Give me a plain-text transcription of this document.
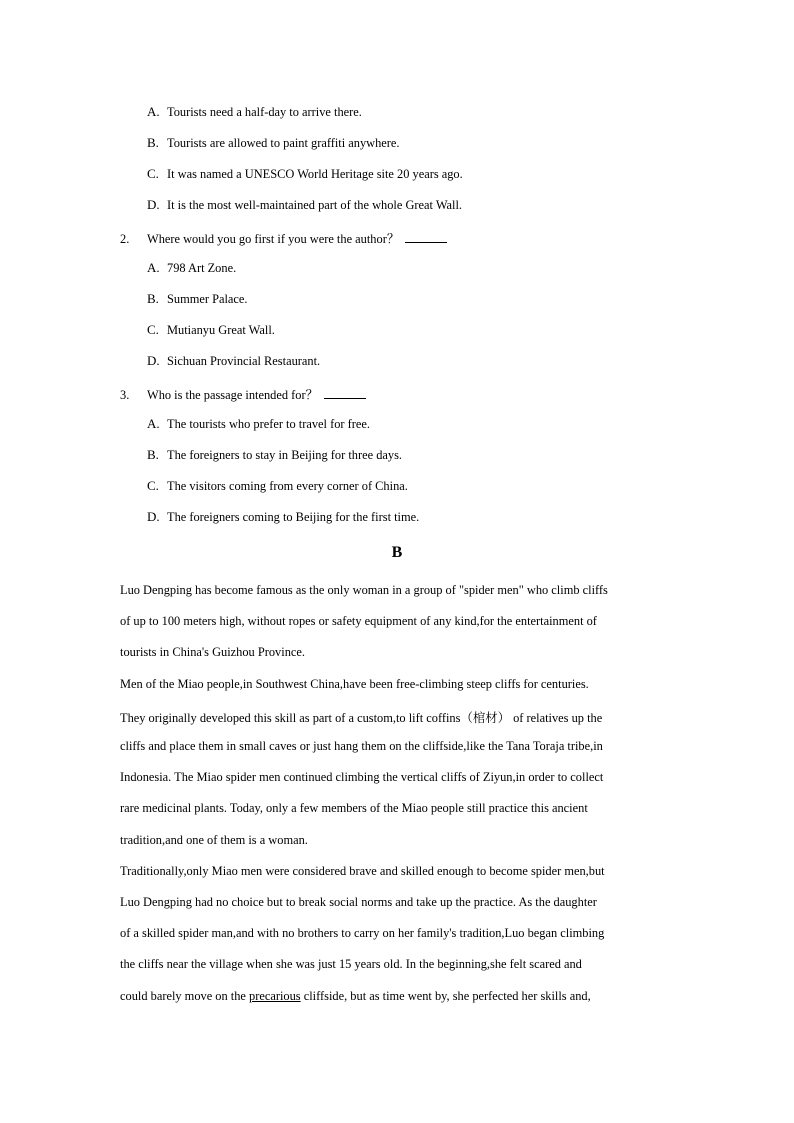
A. Tourists need a half-day to arrive there.
B. Tourists are allowed to paint graffiti anywhere.
C. It was named a UNESCO World Heritage site 20 years ago.
D. It is the most well-maintained part of the whole Great Wall.
2. Where would you go first if you were the author？
A. 798 Art Zone.
B. Summer Palace.
C. Mutianyu Great Wall.
D. Sichuan Provincial Restaurant.
3. Who is the passage intended for？
A. The tourists who prefer to travel for free.
B. The foreigners to stay in Beijing for three days.
C. The visitors coming from every corner of China.
D. The foreigners coming to Beijing for the first time.
B
Luo Dengping has become famous as the only woman in a group of "spider men" who climb cliffs
of up to 100 meters high, without ropes or safety equipment of any kind,for the entertainment of
tourists in China's Guizhou Province.
Men of the Miao people,in Southwest China,have been free-climbing steep cliffs for centuries.
They originally developed this skill as part of a custom,to lift coffins（棺材） of relatives up the
cliffs and place them in small caves or just hang them on the cliffside,like the Tana Toraja tribe,in
Indonesia. The Miao spider men continued climbing the vertical cliffs of Ziyun,in order to collect
rare medicinal plants. Today, only a few members of the Miao people still practice this ancient
tradition,and one of them is a woman.
Traditionally,only Miao men were considered brave and skilled enough to become spider men,but
Luo Dengping had no choice but to break social norms and take up the practice. As the daughter
of a skilled spider man,and with no brothers to carry on her family's tradition,Luo began climbing
the cliffs near the village when she was just 15 years old. In the beginning,she felt scared and
could barely move on the precarious cliffside, but as time went by, she perfected her skills and,
